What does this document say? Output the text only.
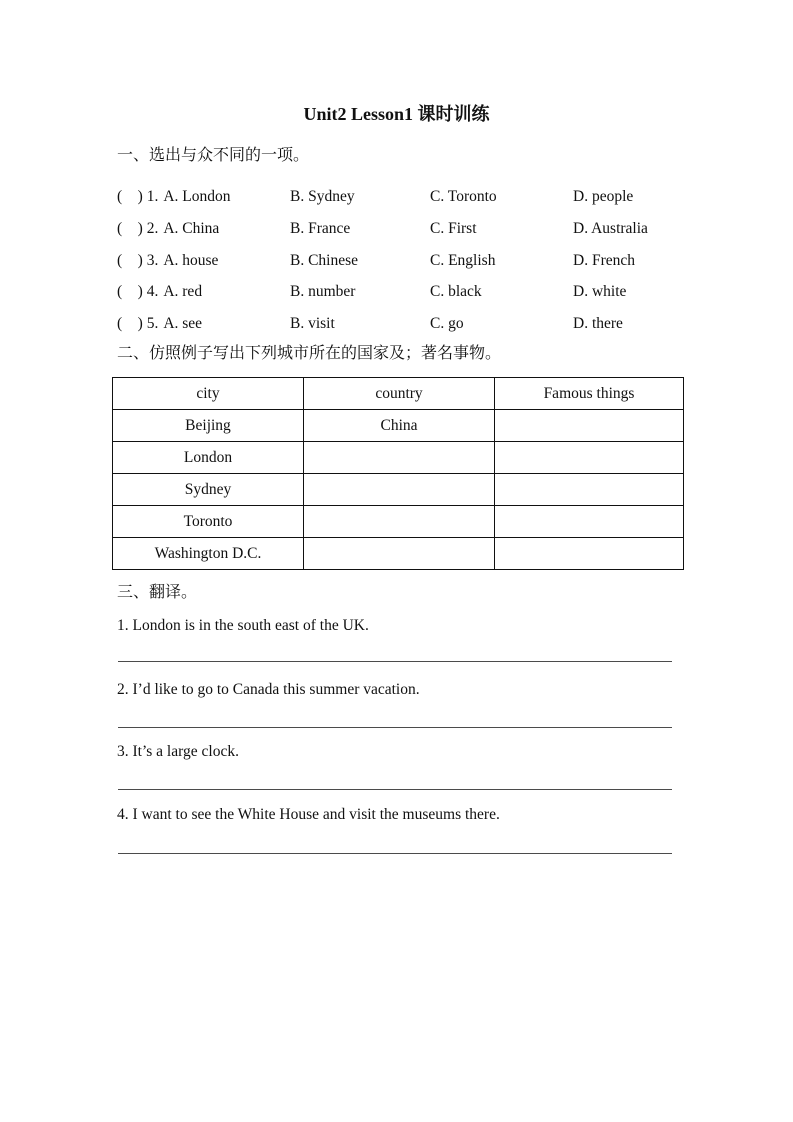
Unit2 Lesson1 课时训练
一、选出与众不同的一项。
(    ) 1. A. London	B. Sydney	C. Toronto	D. people
(    ) 2. A. China	B. France	C. First	D. Australia
(    ) 3. A. house	B. Chinese	C. English	D. French
(    ) 4. A. red	B. number	C. black	D. white
(    ) 5. A. see	B. visit	C. go	D. there
二、仿照例子写出下列城市所在的国家及；著名事物。
city	country	Famous things
Beijing	China	
London		
Sydney		
Toronto		
Washington D.C.		
三、翻译。
1. London is in the south east of the UK.
2. I’d like to go to Canada this summer vacation.
3. It’s a large clock.
4. I want to see the White House and visit the museums there.
